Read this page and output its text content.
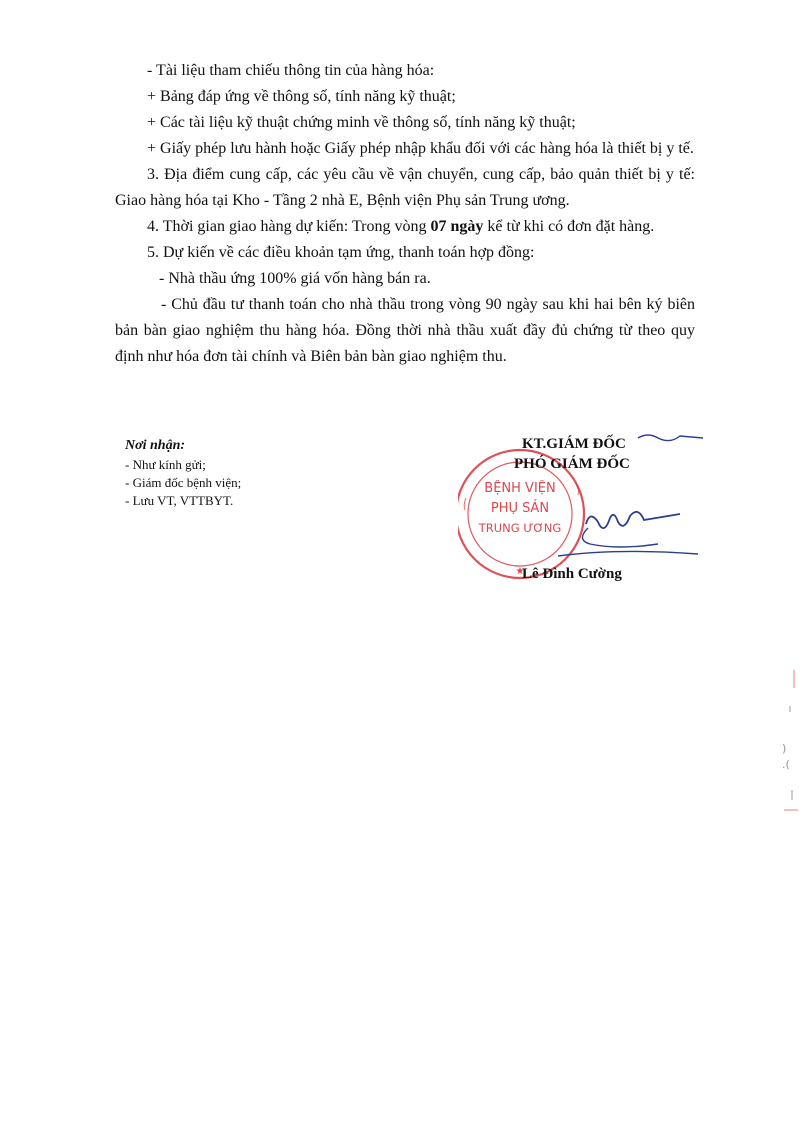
- Tài liệu tham chiếu thông tin của hàng hóa:

+ Bảng đáp ứng về thông số, tính năng kỹ thuật;

+ Các tài liệu kỹ thuật chứng minh về thông số, tính năng kỹ thuật;

+ Giấy phép lưu hành hoặc Giấy phép nhập khẩu đối với các hàng hóa là thiết bị y tế.

3. Địa điểm cung cấp, các yêu cầu về vận chuyển, cung cấp, bảo quản thiết bị y tế: Giao hàng hóa tại Kho - Tầng 2 nhà E, Bệnh viện Phụ sản Trung ương.

4. Thời gian giao hàng dự kiến: Trong vòng 07 ngày kể từ khi có đơn đặt hàng.

5. Dự kiến về các điều khoản tạm ứng, thanh toán hợp đồng:

- Nhà thầu ứng 100% giá vốn hàng bán ra.

- Chủ đầu tư thanh toán cho nhà thầu trong vòng 90 ngày sau khi hai bên ký biên bản bàn giao nghiệm thu hàng hóa. Đồng thời nhà thầu xuất đầy đủ chứng từ theo quy định như hóa đơn tài chính và Biên bản bàn giao nghiệm thu.

Nơi nhận:

- Như kính gửi;

- Giám đốc bệnh viện;

- Lưu VT, VTTBYT.

BỆNH VIỆN
PHỤ SẢN
TRUNG ƯƠNG
★
KT.GIÁM ĐỐC
PHÓ GIÁM ĐỐC
Lê Đình Cường
)
.(
